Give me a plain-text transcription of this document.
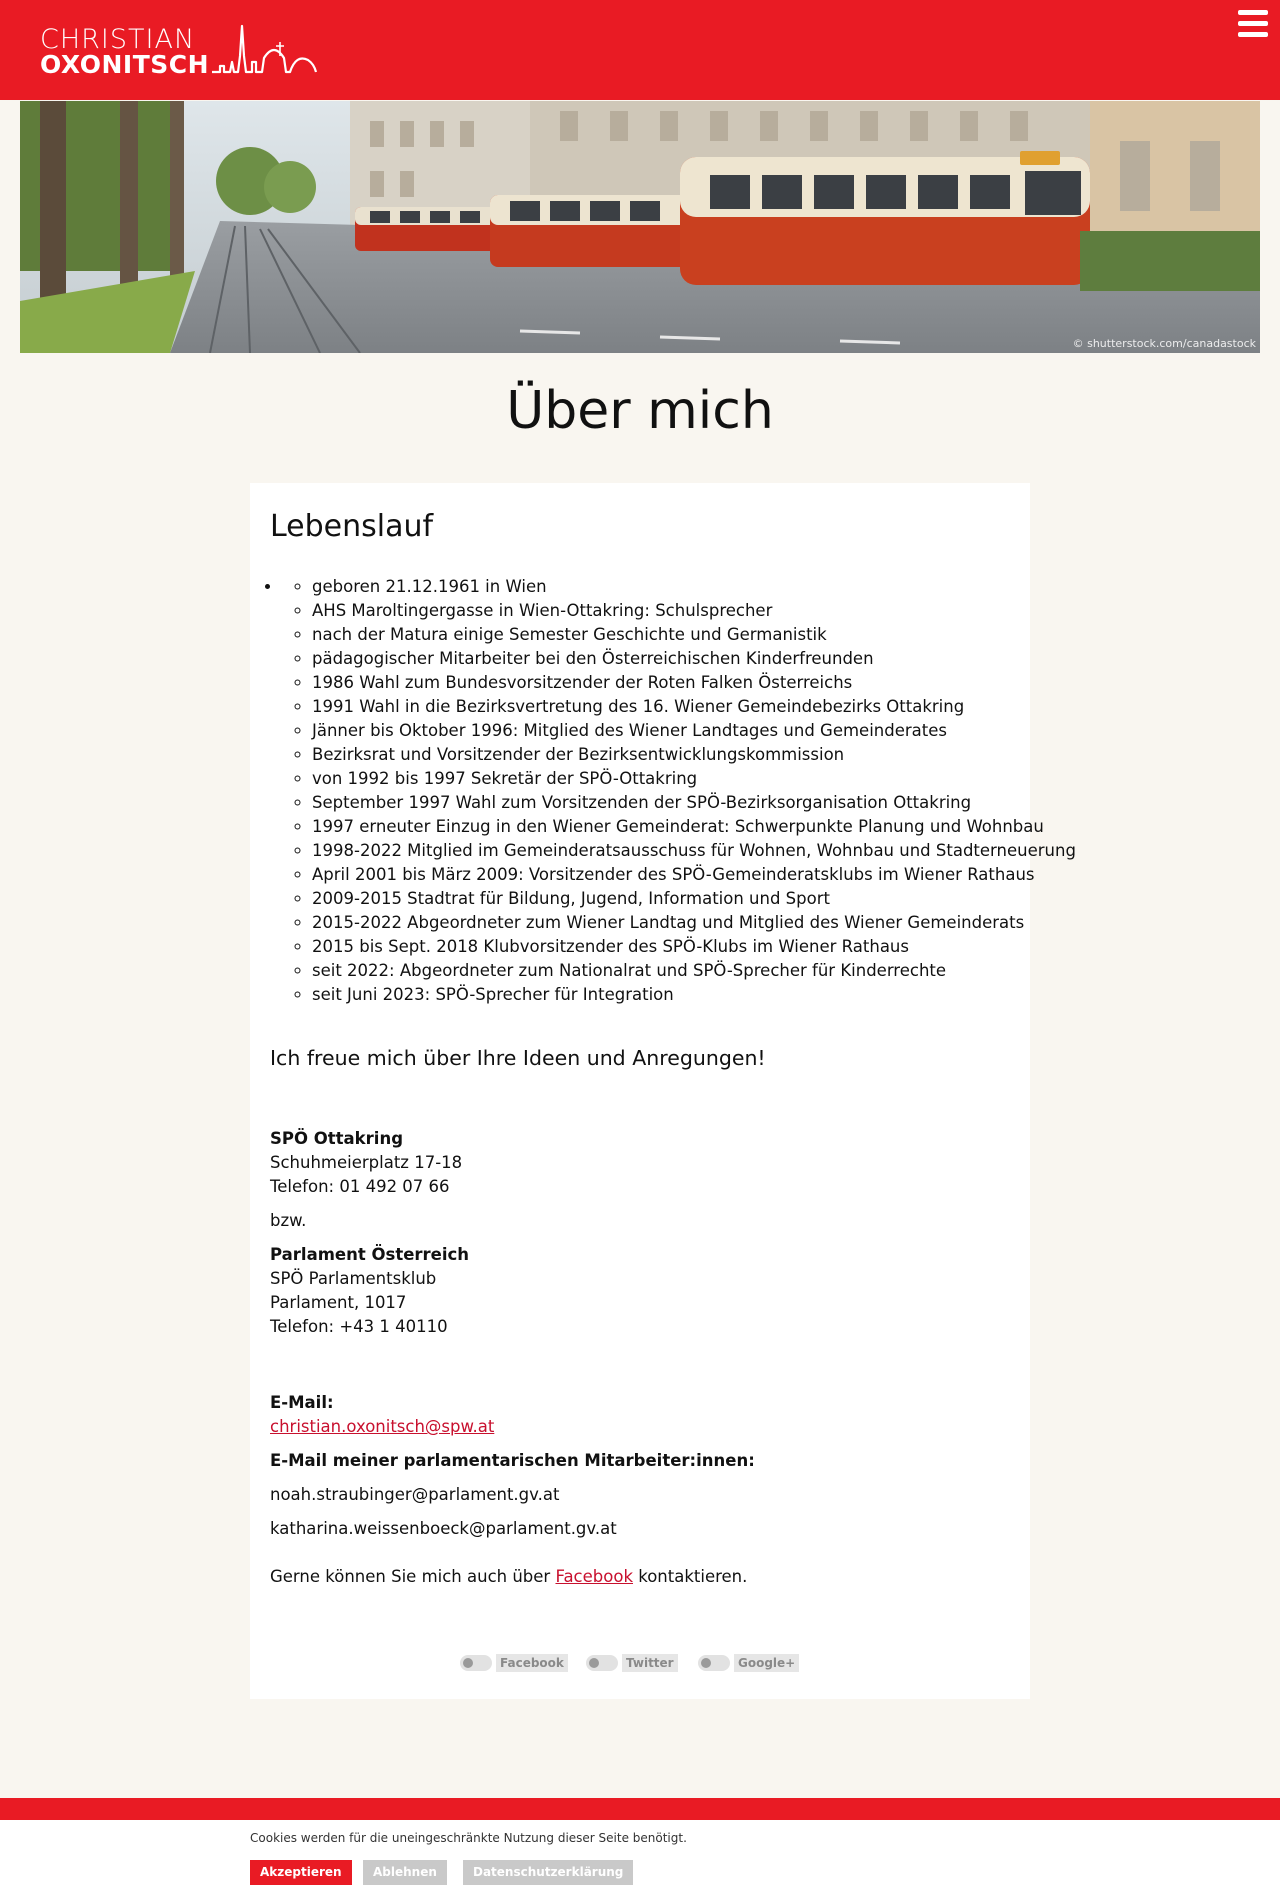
CHRISTIAN
OXONITSCH
© shutterstock.com/canadastock
Über mich
Lebenslauf
◦ • geboren 21.12.1961 in Wien
◦ AHS Maroltingergasse in Wien-Ottakring: Schulsprecher
◦ nach der Matura einige Semester Geschichte und Germanistik
◦ pädagogischer Mitarbeiter bei den Österreichischen Kinderfreunden
◦ 1986 Wahl zum Bundesvorsitzender der Roten Falken Österreichs
◦ 1991 Wahl in die Bezirksvertretung des 16. Wiener Gemeindebezirks Ottakring
◦ Jänner bis Oktober 1996: Mitglied des Wiener Landtages und Gemeinderates
◦ Bezirksrat und Vorsitzender der Bezirksentwicklungskommission
◦ von 1992 bis 1997 Sekretär der SPÖ-Ottakring
◦ September 1997 Wahl zum Vorsitzenden der SPÖ-Bezirksorganisation Ottakring
◦ 1997 erneuter Einzug in den Wiener Gemeinderat: Schwerpunkte Planung und Wohnbau
◦ 1998-2022 Mitglied im Gemeinderatsausschuss für Wohnen, Wohnbau und Stadterneuerung
◦ April 2001 bis März 2009: Vorsitzender des SPÖ-Gemeinderatsklubs im Wiener Rathaus
◦ 2009-2015 Stadtrat für Bildung, Jugend, Information und Sport
◦ 2015-2022 Abgeordneter zum Wiener Landtag und Mitglied des Wiener Gemeinderats
◦ 2015 bis Sept. 2018 Klubvorsitzender des SPÖ-Klubs im Wiener Rathaus
◦ seit 2022: Abgeordneter zum Nationalrat und SPÖ-Sprecher für Kinderrechte
◦ seit Juni 2023: SPÖ-Sprecher für Integration

Ich freue mich über Ihre Ideen und Anregungen!

SPÖ Ottakring
Schuhmeierplatz 17-18
Telefon: 01 492 07 66
bzw.
Parlament Österreich
SPÖ Parlamentsklub
Parlament, 1017
Telefon: +43 1 40110
E-Mail:
christian.oxonitsch@spw.at
E-Mail meiner parlamentarischen Mitarbeiter:innen:
noah.straubinger@parlament.gv.at
katharina.weissenboeck@parlament.gv.at
Gerne können Sie mich auch über Facebook kontaktieren.
Facebook	Twitter	Google+
Cookies werden für die uneingeschränkte Nutzung dieser Seite benötigt.
Akzeptieren	Ablehnen	Datenschutzerklärung
